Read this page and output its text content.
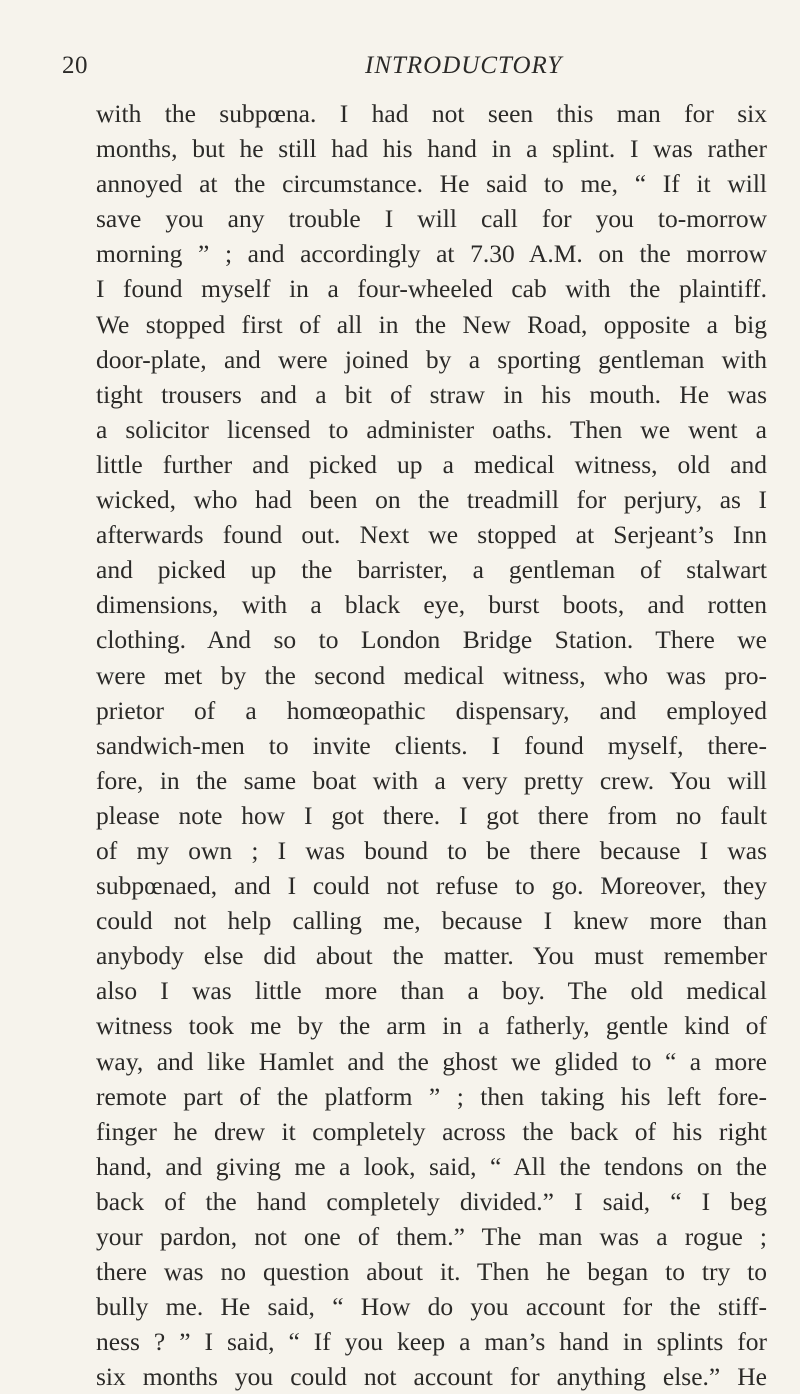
20	INTRODUCTORY
with the subpœna. I had not seen this man for six
months, but he still had his hand in a splint. I was rather
annoyed at the circumstance. He said to me, “ If it will
save you any trouble I will call for you to-morrow
morning ” ; and accordingly at 7.30 A.M. on the morrow
I found myself in a four-wheeled cab with the plaintiff.
We stopped first of all in the New Road, opposite a big
door-plate, and were joined by a sporting gentleman with
tight trousers and a bit of straw in his mouth. He was
a solicitor licensed to administer oaths. Then we went a
little further and picked up a medical witness, old and
wicked, who had been on the treadmill for perjury, as I
afterwards found out. Next we stopped at Serjeant’s Inn
and picked up the barrister, a gentleman of stalwart
dimensions, with a black eye, burst boots, and rotten
clothing. And so to London Bridge Station. There we
were met by the second medical witness, who was pro-
prietor of a homœopathic dispensary, and employed
sandwich-men to invite clients. I found myself, there-
fore, in the same boat with a very pretty crew. You will
please note how I got there. I got there from no fault
of my own ; I was bound to be there because I was
subpœnaed, and I could not refuse to go. Moreover, they
could not help calling me, because I knew more than
anybody else did about the matter. You must remember
also I was little more than a boy. The old medical
witness took me by the arm in a fatherly, gentle kind of
way, and like Hamlet and the ghost we glided to “ a more
remote part of the platform ” ; then taking his left fore-
finger he drew it completely across the back of his right
hand, and giving me a look, said, “ All the tendons on the
back of the hand completely divided.” I said, “ I beg
your pardon, not one of them.” The man was a rogue ;
there was no question about it. Then he began to try to
bully me. He said, “ How do you account for the stiff-
ness ? ” I said, “ If you keep a man’s hand in splints for
six months you could not account for anything else.” He
